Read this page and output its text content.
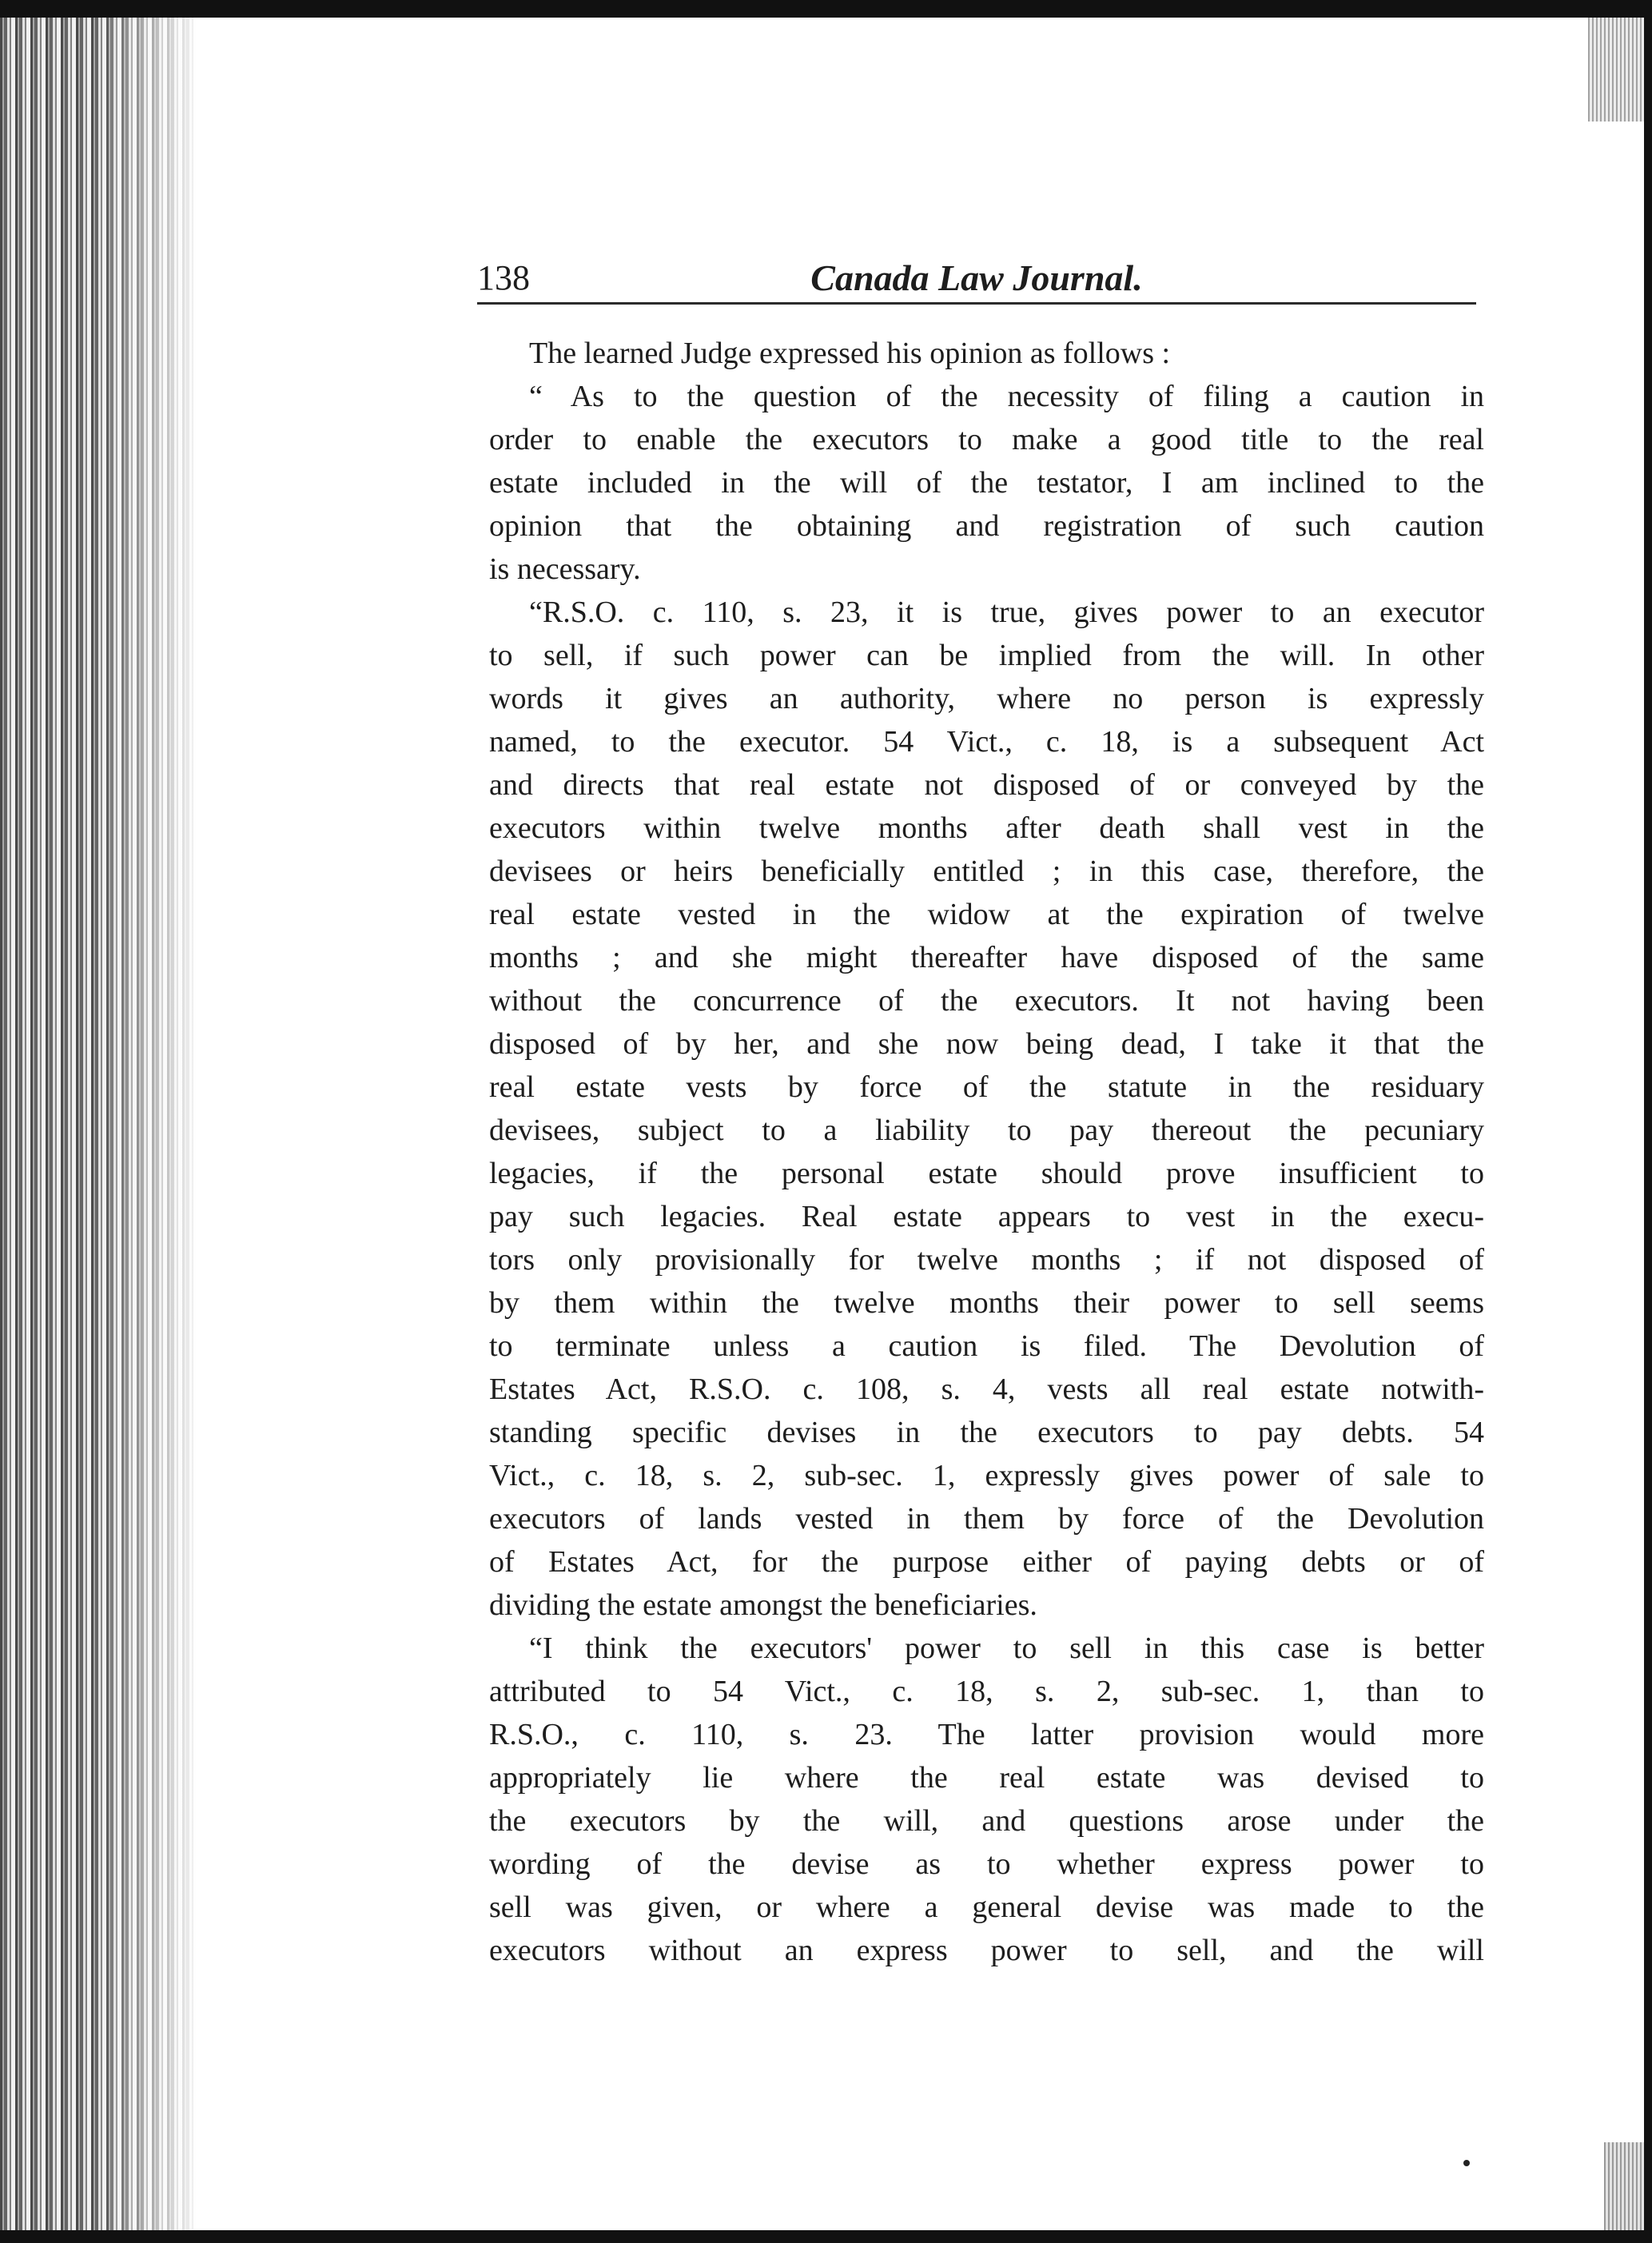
138	Canada Law Journal.
The learned Judge expressed his opinion as follows :
“ As to the question of the necessity of filing a caution in
order to enable the executors to make a good title to the real
estate included in the will of the testator, I am inclined to the
opinion that the obtaining and registration of such caution
is necessary.
“R.S.O. c. 110, s. 23, it is true, gives power to an executor
to sell, if such power can be implied from the will. In other
words it gives an authority, where no person is expressly
named, to the executor. 54 Vict., c. 18, is a subsequent Act
and directs that real estate not disposed of or conveyed by the
executors within twelve months after death shall vest in the
devisees or heirs beneficially entitled ; in this case, therefore, the
real estate vested in the widow at the expiration of twelve
months ; and she might thereafter have disposed of the same
without the concurrence of the executors. It not having been
disposed of by her, and she now being dead, I take it that the
real estate vests by force of the statute in the residuary
devisees, subject to a liability to pay thereout the pecuniary
legacies, if the personal estate should prove insufficient to
pay such legacies. Real estate appears to vest in the execu-
tors only provisionally for twelve months ; if not disposed of
by them within the twelve months their power to sell seems
to terminate unless a caution is filed. The Devolution of
Estates Act, R.S.O. c. 108, s. 4, vests all real estate notwith-
standing specific devises in the executors to pay debts. 54
Vict., c. 18, s. 2, sub-sec. 1, expressly gives power of sale to
executors of lands vested in them by force of the Devolution
of Estates Act, for the purpose either of paying debts or of
dividing the estate amongst the beneficiaries.
“I think the executors' power to sell in this case is better
attributed to 54 Vict., c. 18, s. 2, sub-sec. 1, than to
R.S.O., c. 110, s. 23. The latter provision would more
appropriately lie where the real estate was devised to
the executors by the will, and questions arose under the
wording of the devise as to whether express power to
sell was given, or where a general devise was made to the
executors without an express power to sell, and the will
